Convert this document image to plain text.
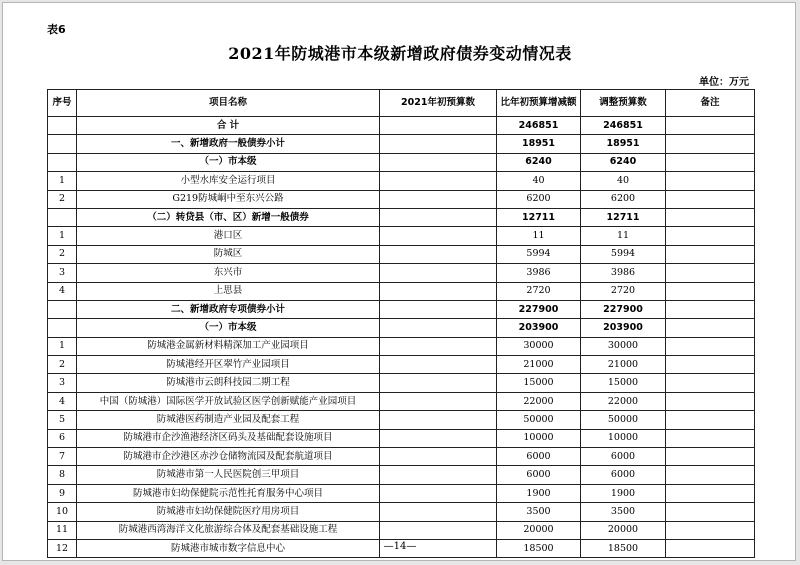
表6
2021年防城港市本级新增政府债券变动情况表
单位：万元
序号	项目名称	2021年初预算数	比年初预算增减额	调整预算数	备注
	合 计		246851	246851	
	一、新增政府一般债券小计		18951	18951	
	（一）市本级		6240	6240	
1	小型水库安全运行项目		40	40	
2	G219防城峒中至东兴公路		6200	6200	
	（二）转贷县（市、区）新增一般债券		12711	12711	
1	港口区		11	11	
2	防城区		5994	5994	
3	东兴市		3986	3986	
4	上思县		2720	2720	
	二、新增政府专项债券小计		227900	227900	
	（一）市本级		203900	203900	
1	防城港金属新材料精深加工产业园项目		30000	30000	
2	防城港经开区翠竹产业园项目		21000	21000	
3	防城港市云朗科技园二期工程		15000	15000	
4	中国（防城港）国际医学开放试验区医学创新赋能产业园项目		22000	22000	
5	防城港医药制造产业园及配套工程		50000	50000	
6	防城港市企沙渔港经济区码头及基础配套设施项目		10000	10000	
7	防城港市企沙港区赤沙仓储物流园及配套航道项目		6000	6000	
8	防城港市第一人民医院创三甲项目		6000	6000	
9	防城港市妇幼保健院示范性托育服务中心项目		1900	1900	
10	防城港市妇幼保健院医疗用房项目		3500	3500	
11	防城港西湾海洋文化旅游综合体及配套基础设施工程		20000	20000	
12	防城港市城市数字信息中心		18500	18500	
—14—
